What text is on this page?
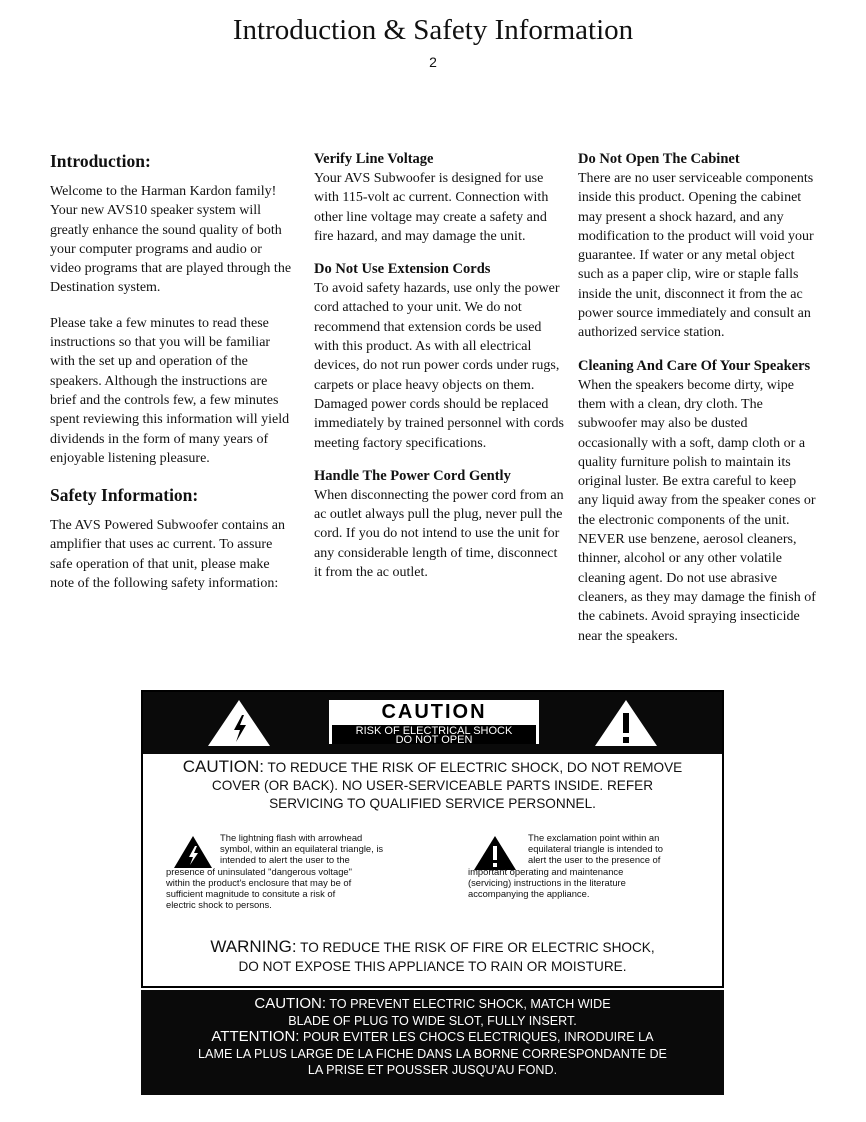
Introduction & Safety Information
2
Introduction:

Welcome to the Harman Kardon family! Your new AVS10 speaker system will greatly enhance the sound quality of both your computer programs and audio or video programs that are played through the Destination system.

Please take a few minutes to read these instructions so that you will be familiar with the set up and operation of the speakers. Although the instructions are brief and the controls few, a few minutes spent reviewing this information will yield dividends in the form of many years of enjoyable listening pleasure.

Safety Information:

The AVS Powered Subwoofer contains an amplifier that uses ac current. To assure safe operation of that unit, please make note of the following safety information:

Verify Line Voltage

Your AVS Subwoofer is designed for use with 115-volt ac current. Connection with other line voltage may create a safety and fire hazard, and may damage the unit.

Do Not Use Extension Cords

To avoid safety hazards, use only the power cord attached to your unit. We do not recommend that extension cords be used with this product. As with all electrical devices, do not run power cords under rugs, carpets or place heavy objects on them. Damaged power cords should be replaced immediately by trained personnel with cords meeting factory specifications.

Handle The Power Cord Gently

When disconnecting the power cord from an ac outlet always pull the plug, never pull the cord. If you do not intend to use the unit for any considerable length of time, disconnect it from the ac outlet.

Do Not Open The Cabinet

There are no user serviceable components inside this product. Opening the cabinet may present a shock hazard, and any modification to the product will void your guarantee. If water or any metal object such as a paper clip, wire or staple falls inside the unit, disconnect it from the ac power source immediately and consult an authorized service station.

Cleaning And Care Of Your Speakers

When the speakers become dirty, wipe them with a clean, dry cloth. The subwoofer may also be dusted occasionally with a soft, damp cloth or a quality furniture polish to maintain its original luster. Be extra careful to keep any liquid away from the speaker cones or the electronic components of the unit. NEVER use benzene, aerosol cleaners, thinner, alcohol or any other volatile cleaning agent. Do not use abrasive cleaners, as they may damage the finish of the cabinets. Avoid spraying insecticide near the speakers.

CAUTION
RISK OF ELECTRICAL SHOCK
DO NOT OPEN
CAUTION: TO REDUCE THE RISK OF ELECTRIC SHOCK, DO NOT REMOVE
COVER (OR BACK). NO USER-SERVICEABLE PARTS INSIDE. REFER
SERVICING TO QUALIFIED SERVICE PERSONNEL.
The lightning flash with arrowhead
symbol, within an equilateral triangle, is
intended to alert the user to the
presence of uninsulated "dangerous voltage"
within the product's enclosure that may be of
sufficient magnitude to consitute a risk of
electric shock to persons.
The exclamation point within an
equilateral triangle is intended to
alert the user to the presence of
important operating and maintenance
(servicing) instructions in the literature
accompanying the appliance.
WARNING: TO REDUCE THE RISK OF FIRE OR ELECTRIC SHOCK,
DO NOT EXPOSE THIS APPLIANCE TO RAIN OR MOISTURE.
CAUTION: TO PREVENT ELECTRIC SHOCK, MATCH WIDE
BLADE OF PLUG TO WIDE SLOT, FULLY INSERT.
ATTENTION: POUR EVITER LES CHOCS ELECTRIQUES, INRODUIRE LA
LAME LA PLUS LARGE DE LA FICHE DANS LA BORNE CORRESPONDANTE DE
LA PRISE ET POUSSER JUSQU'AU FOND.
